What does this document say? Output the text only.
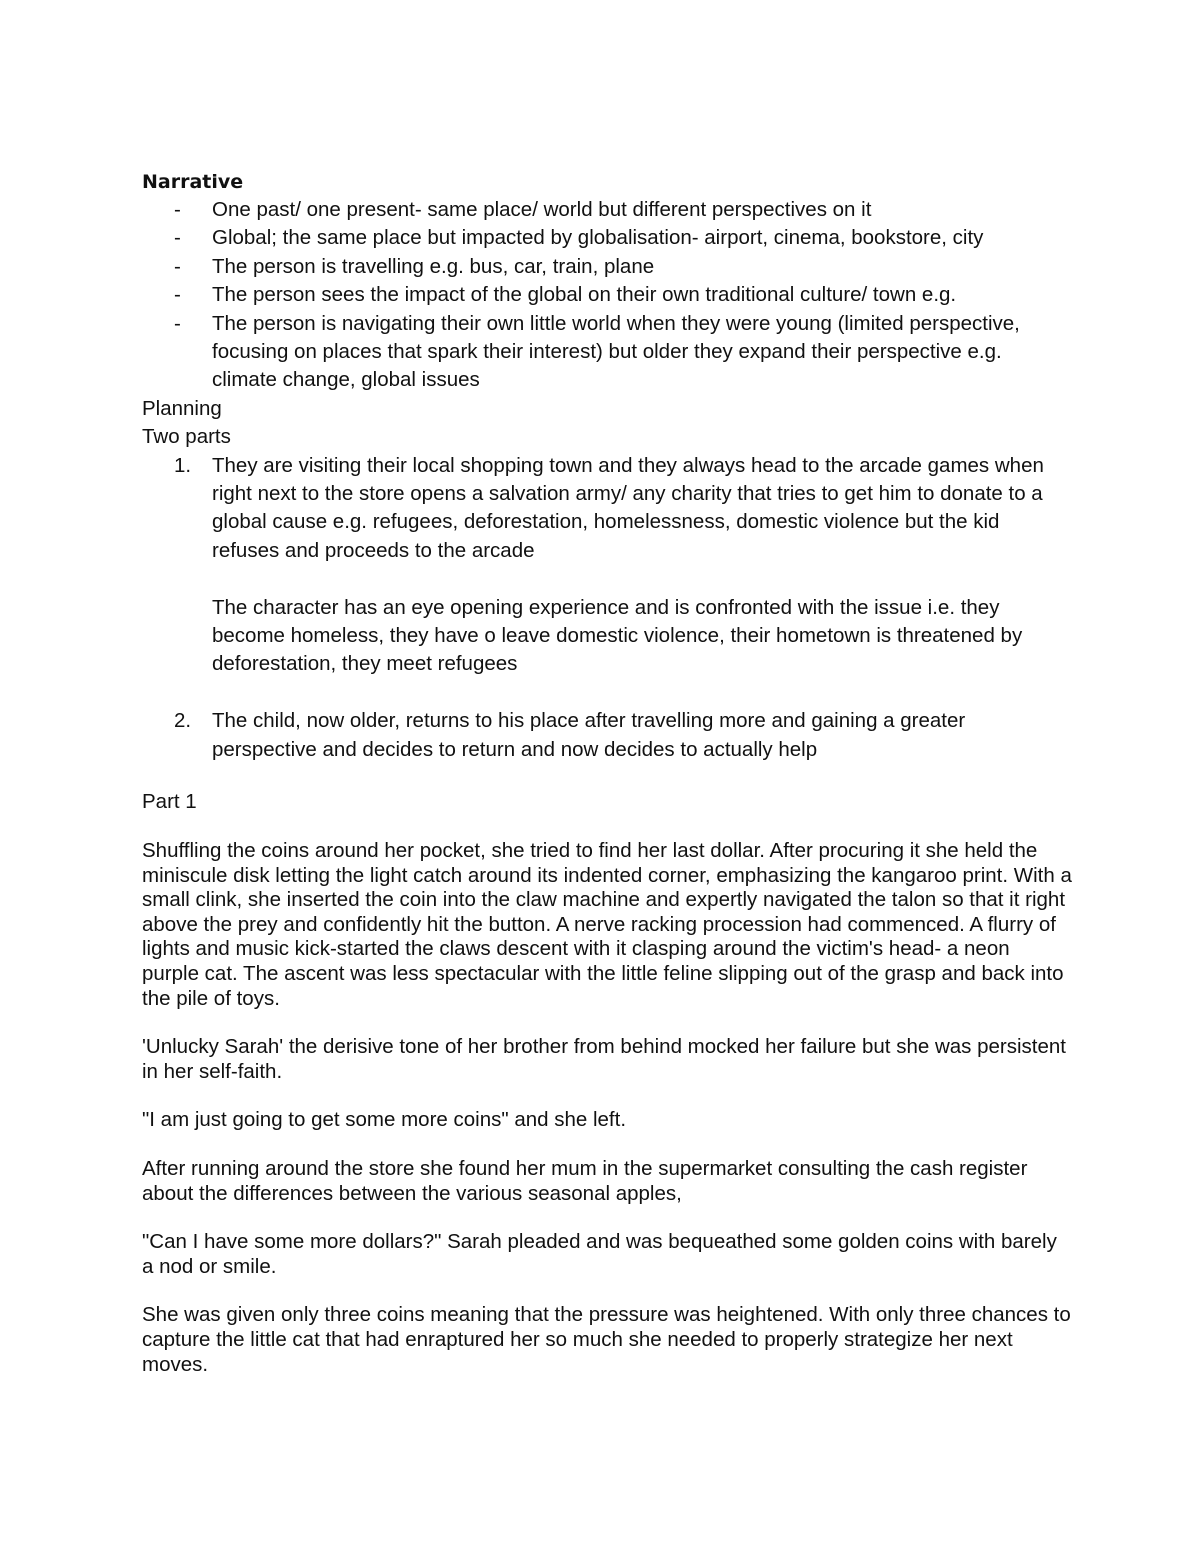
Narrative
- One past/ one present- same place/ world but different perspectives on it
- Global; the same place but impacted by globalisation- airport, cinema, bookstore, city
- The person is travelling e.g. bus, car, train, plane
- The person sees the impact of the global on their own traditional culture/ town e.g.
- The person is navigating their own little world when they were young (limited perspective, focusing on places that spark their interest) but older they expand their perspective e.g. climate change, global issues

Planning

Two parts

1. They are visiting their local shopping town and they always head to the arcade games when right next to the store opens a salvation army/ any charity that tries to get him to donate to a global cause e.g. refugees, deforestation, homelessness, domestic violence but the kid refuses and proceeds to the arcade

The character has an eye opening experience and is confronted with the issue i.e. they become homeless, they have o leave domestic violence, their hometown is threatened by deforestation, they meet refugees

2. The child, now older, returns to his place after travelling more and gaining a greater perspective and decides to return and now decides to actually help

Part 1

Shuffling the coins around her pocket, she tried to find her last dollar. After procuring it she held the miniscule disk letting the light catch around its indented corner, emphasizing the kangaroo print. With a small clink, she inserted the coin into the claw machine and expertly navigated the talon so that it right above the prey and confidently hit the button. A nerve racking procession had commenced. A flurry of lights and music kick-started the claws descent with it clasping around the victim's head- a neon purple cat. The ascent was less spectacular with the little feline slipping out of the grasp and back into the pile of toys.

'Unlucky Sarah' the derisive tone of her brother from behind mocked her failure but she was persistent in her self-faith.

"I am just going to get some more coins" and she left.

After running around the store she found her mum in the supermarket consulting the cash register about the differences between the various seasonal apples,

"Can I have some more dollars?" Sarah pleaded and was bequeathed some golden coins with barely a nod or smile.

She was given only three coins meaning that the pressure was heightened. With only three chances to capture the little cat that had enraptured her so much she needed to properly strategize her next moves.
